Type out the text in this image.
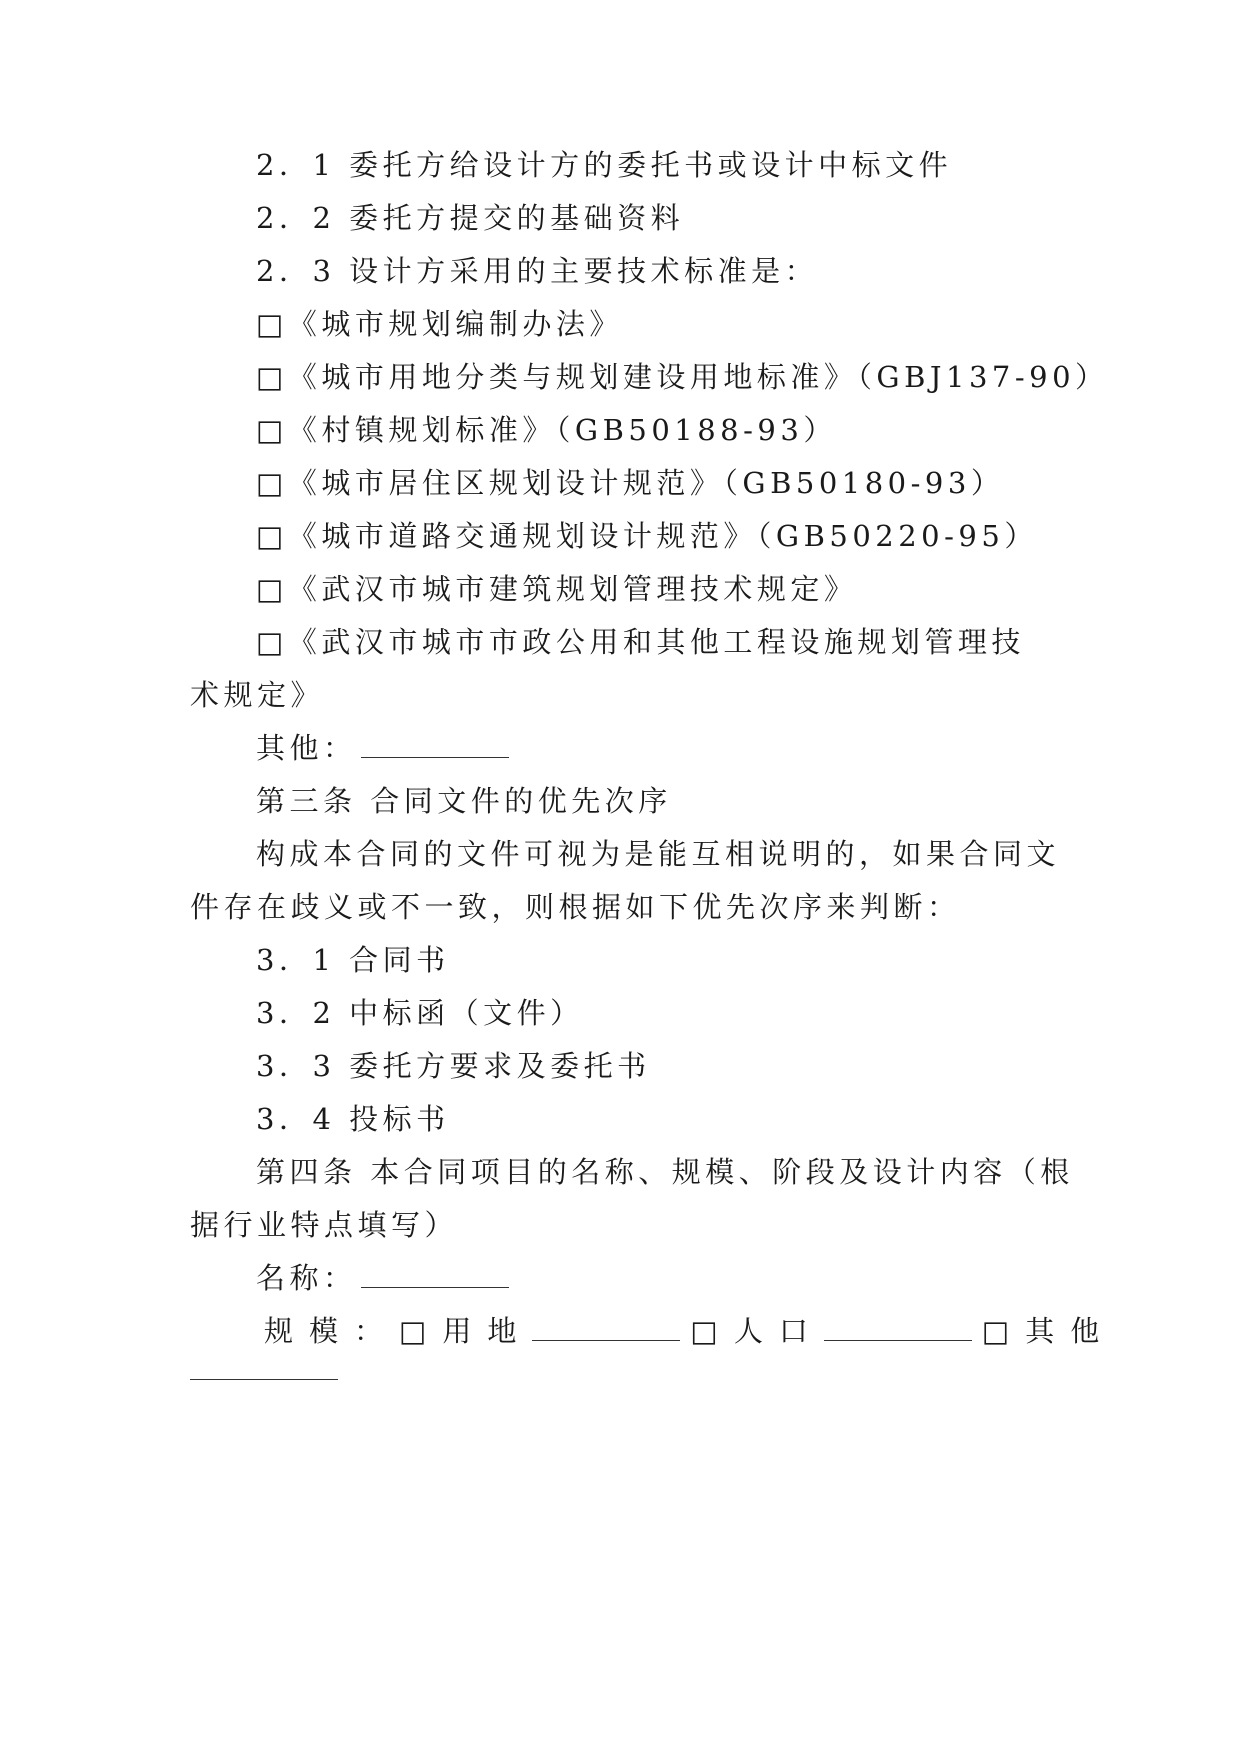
2．1 委托方给设计方的委托书或设计中标文件
2．2 委托方提交的基础资料
2．3 设计方采用的主要技术标准是：
□《城市规划编制办法》
□《城市用地分类与规划建设用地标准》（GBJ137-90）
□《村镇规划标准》（GB50188-93）
□《城市居住区规划设计规范》（GB50180-93）
□《城市道路交通规划设计规范》（GB50220-95）
□《武汉市城市建筑规划管理技术规定》
□《武汉市城市市政公用和其他工程设施规划管理技
术规定》
其他：
第三条 合同文件的优先次序
构成本合同的文件可视为是能互相说明的，如果合同文
件存在歧义或不一致，则根据如下优先次序来判断：
3．1 合同书
3．2 中标函（文件）
3．3 委托方要求及委托书
3．4 投标书
第四条 本合同项目的名称、规模、阶段及设计内容（根
据行业特点填写）
名称：
规模：□用地	□人口	□其他
